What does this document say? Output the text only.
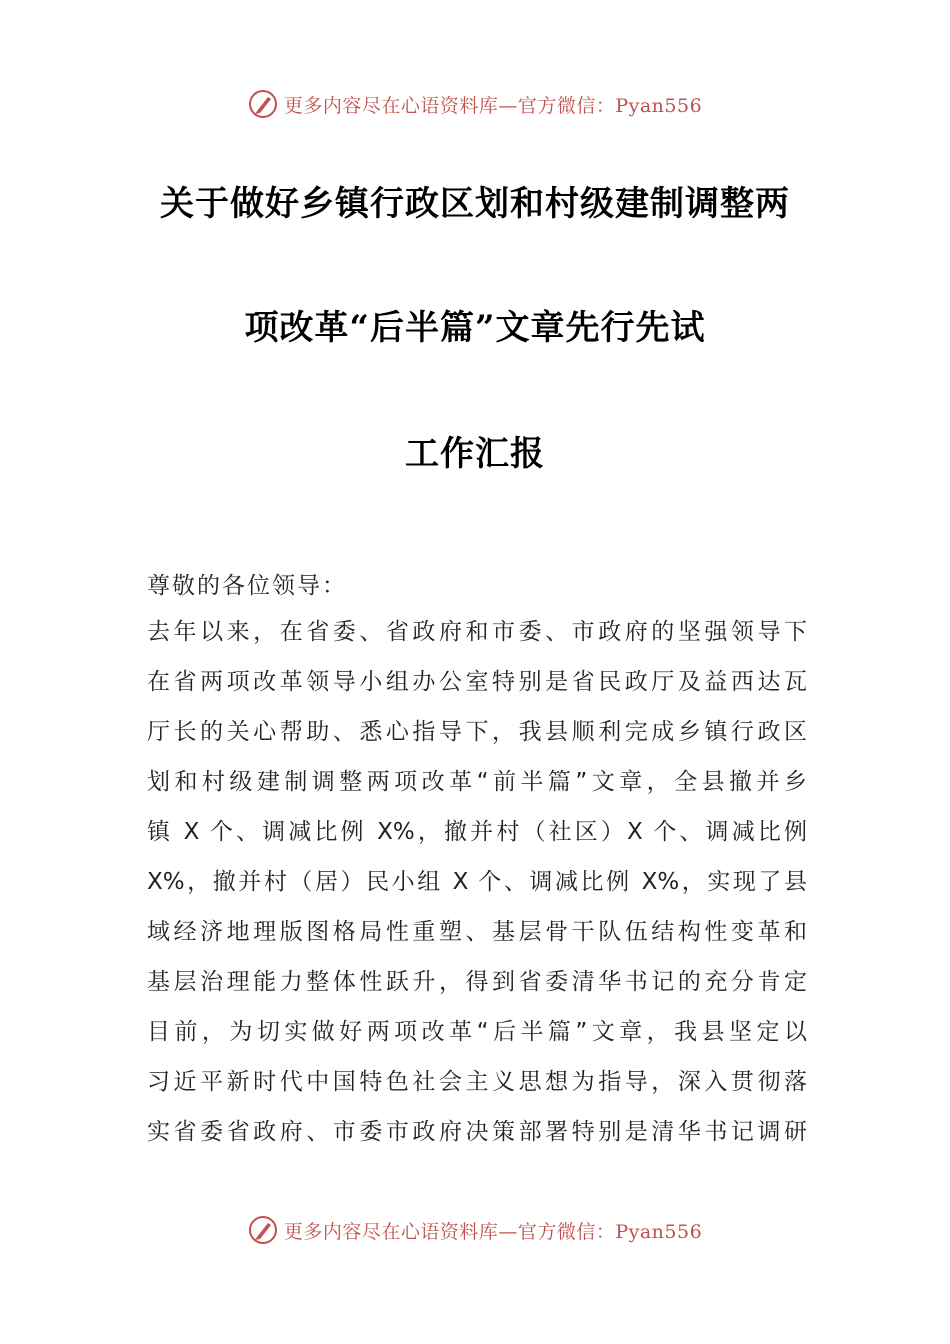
更多内容尽在心语资料库—官方微信：Pyan556
关于做好乡镇行政区划和村级建制调整两
项改革“后半篇”文章先行先试
工作汇报
尊敬的各位领导：
去年以来，在省委、省政府和市委、市政府的坚强领导下
在省两项改革领导小组办公室特别是省民政厅及益西达瓦
厅长的关心帮助、悉心指导下，我县顺利完成乡镇行政区
划和村级建制调整两项改革“前半篇”文章，全县撤并乡
镇 X 个、调减比例 X%，撤并村（社区）X 个、调减比例
X%，撤并村（居）民小组 X 个、调减比例 X%，实现了县
域经济地理版图格局性重塑、基层骨干队伍结构性变革和
基层治理能力整体性跃升，得到省委清华书记的充分肯定
目前，为切实做好两项改革“后半篇”文章，我县坚定以
习近平新时代中国特色社会主义思想为指导，深入贯彻落
实省委省政府、市委市政府决策部署特别是清华书记调研
更多内容尽在心语资料库—官方微信：Pyan556
